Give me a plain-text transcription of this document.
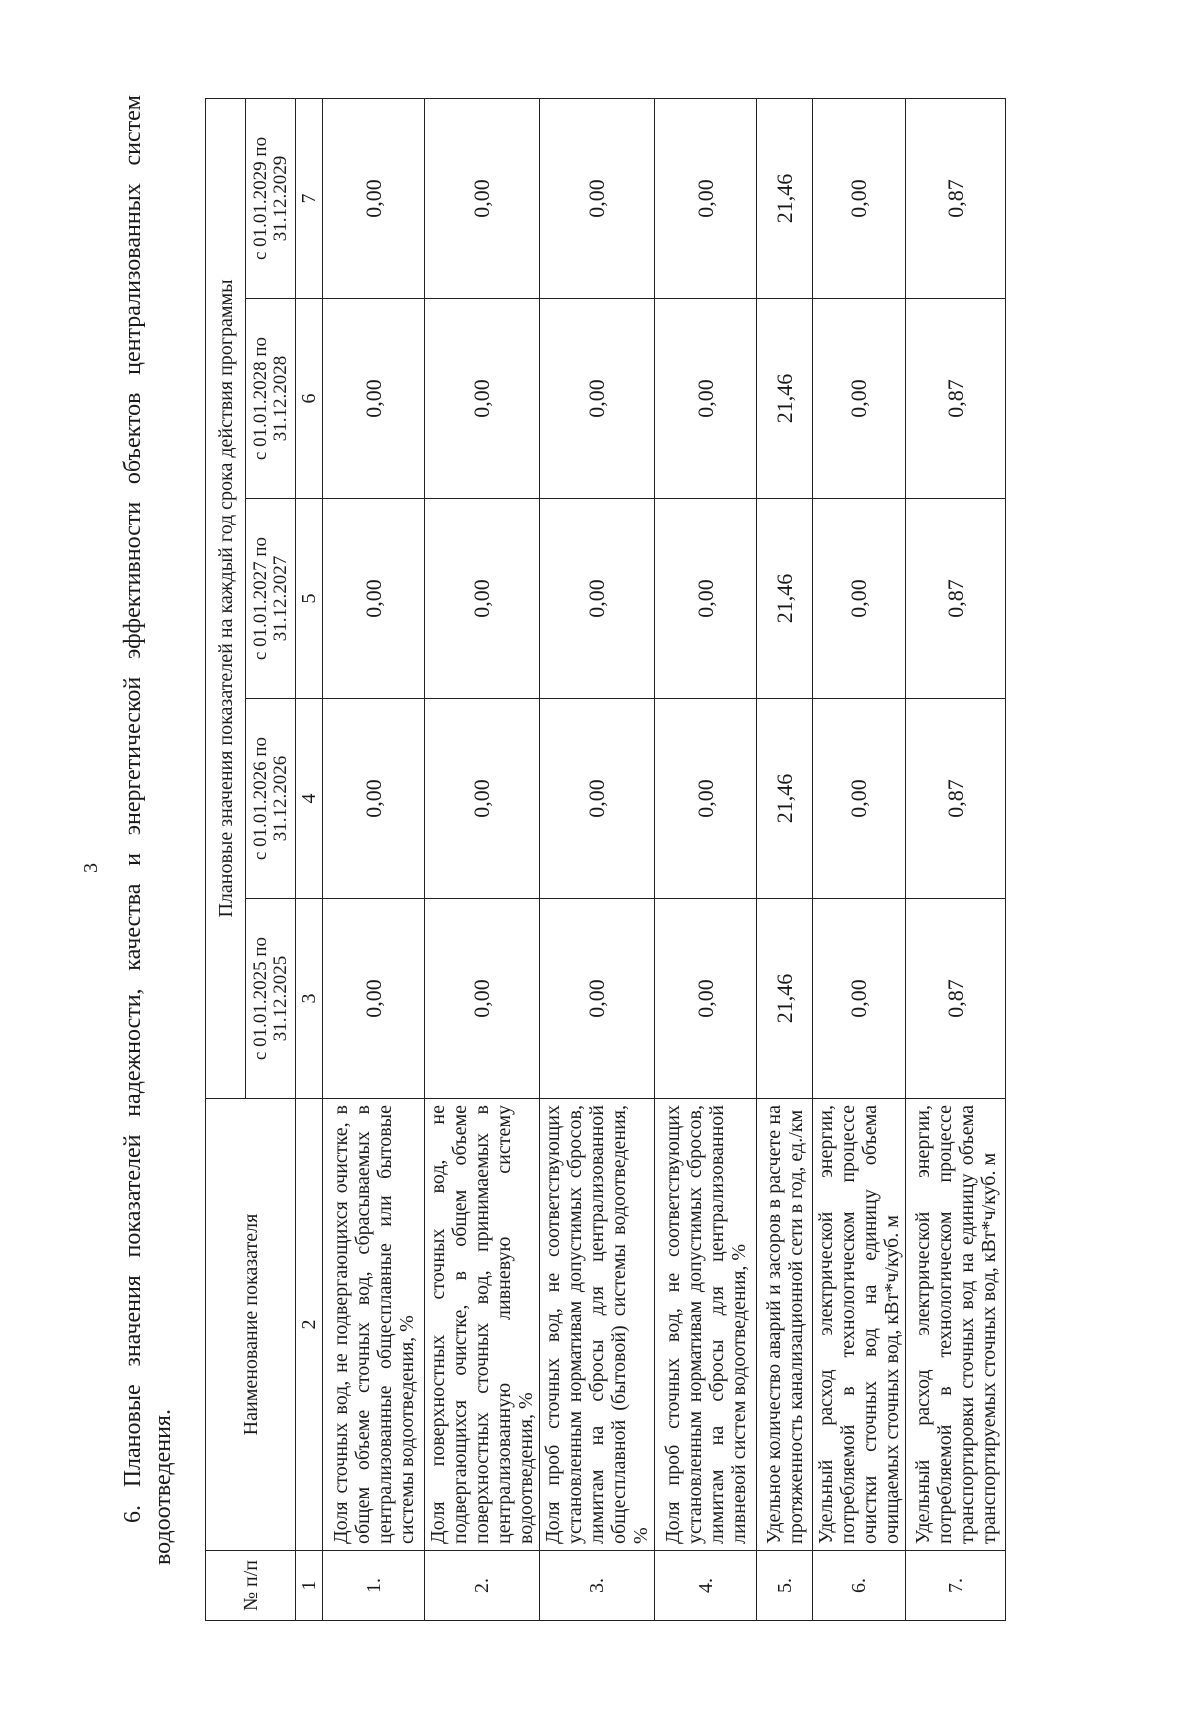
3 6. Плановые значения показателей надежности, качества и энергетической эффективности объектов централизованных систем водоотведения.
№ п/п	Наименование показателя	Плановые значения показателей на каждый год срока действия программы				
		с 01.01.2025 по 31.12.2025	с 01.01.2026 по 31.12.2026	с 01.01.2027 по 31.12.2027	с 01.01.2028 по 31.12.2028	с 01.01.2029 по 31.12.2029
1	2	3	4	5	6	7
1.	Доля сточных вод, не подвергающихся очистке, в общем объеме сточных вод, сбрасываемых в централизованные общесплавные или бытовые системы водоотведения, %	0,00	0,00	0,00	0,00	0,00
2.	Доля поверхностных сточных вод, не подвергающихся очистке, в общем объеме поверхностных сточных вод, принимаемых в централизованную ливневую систему водоотведения, %	0,00	0,00	0,00	0,00	0,00
3.	Доля проб сточных вод, не соответствующих установленным нормативам допустимых сбросов, лимитам на сбросы для централизованной общесплавной (бытовой) системы водоотведения, %	0,00	0,00	0,00	0,00	0,00
4.	Доля проб сточных вод, не соответствующих установленным нормативам допустимых сбросов, лимитам на сбросы для централизованной ливневой систем водоотведения, %	0,00	0,00	0,00	0,00	0,00
5.	Удельное количество аварий и засоров в расчете на протяженность канализационной сети в год, ед./км	21,46	21,46	21,46	21,46	21,46
6.	Удельный расход электрической энергии, потребляемой в технологическом процессе очистки сточных вод на единицу объема очищаемых сточных вод, кВт*ч/куб. м	0,00	0,00	0,00	0,00	0,00
7.	Удельный расход электрической энергии, потребляемой в технологическом процессе транспортировки сточных вод на единицу объема транспортируемых сточных вод, кВт*ч/куб. м	0,87	0,87	0,87	0,87	0,87
